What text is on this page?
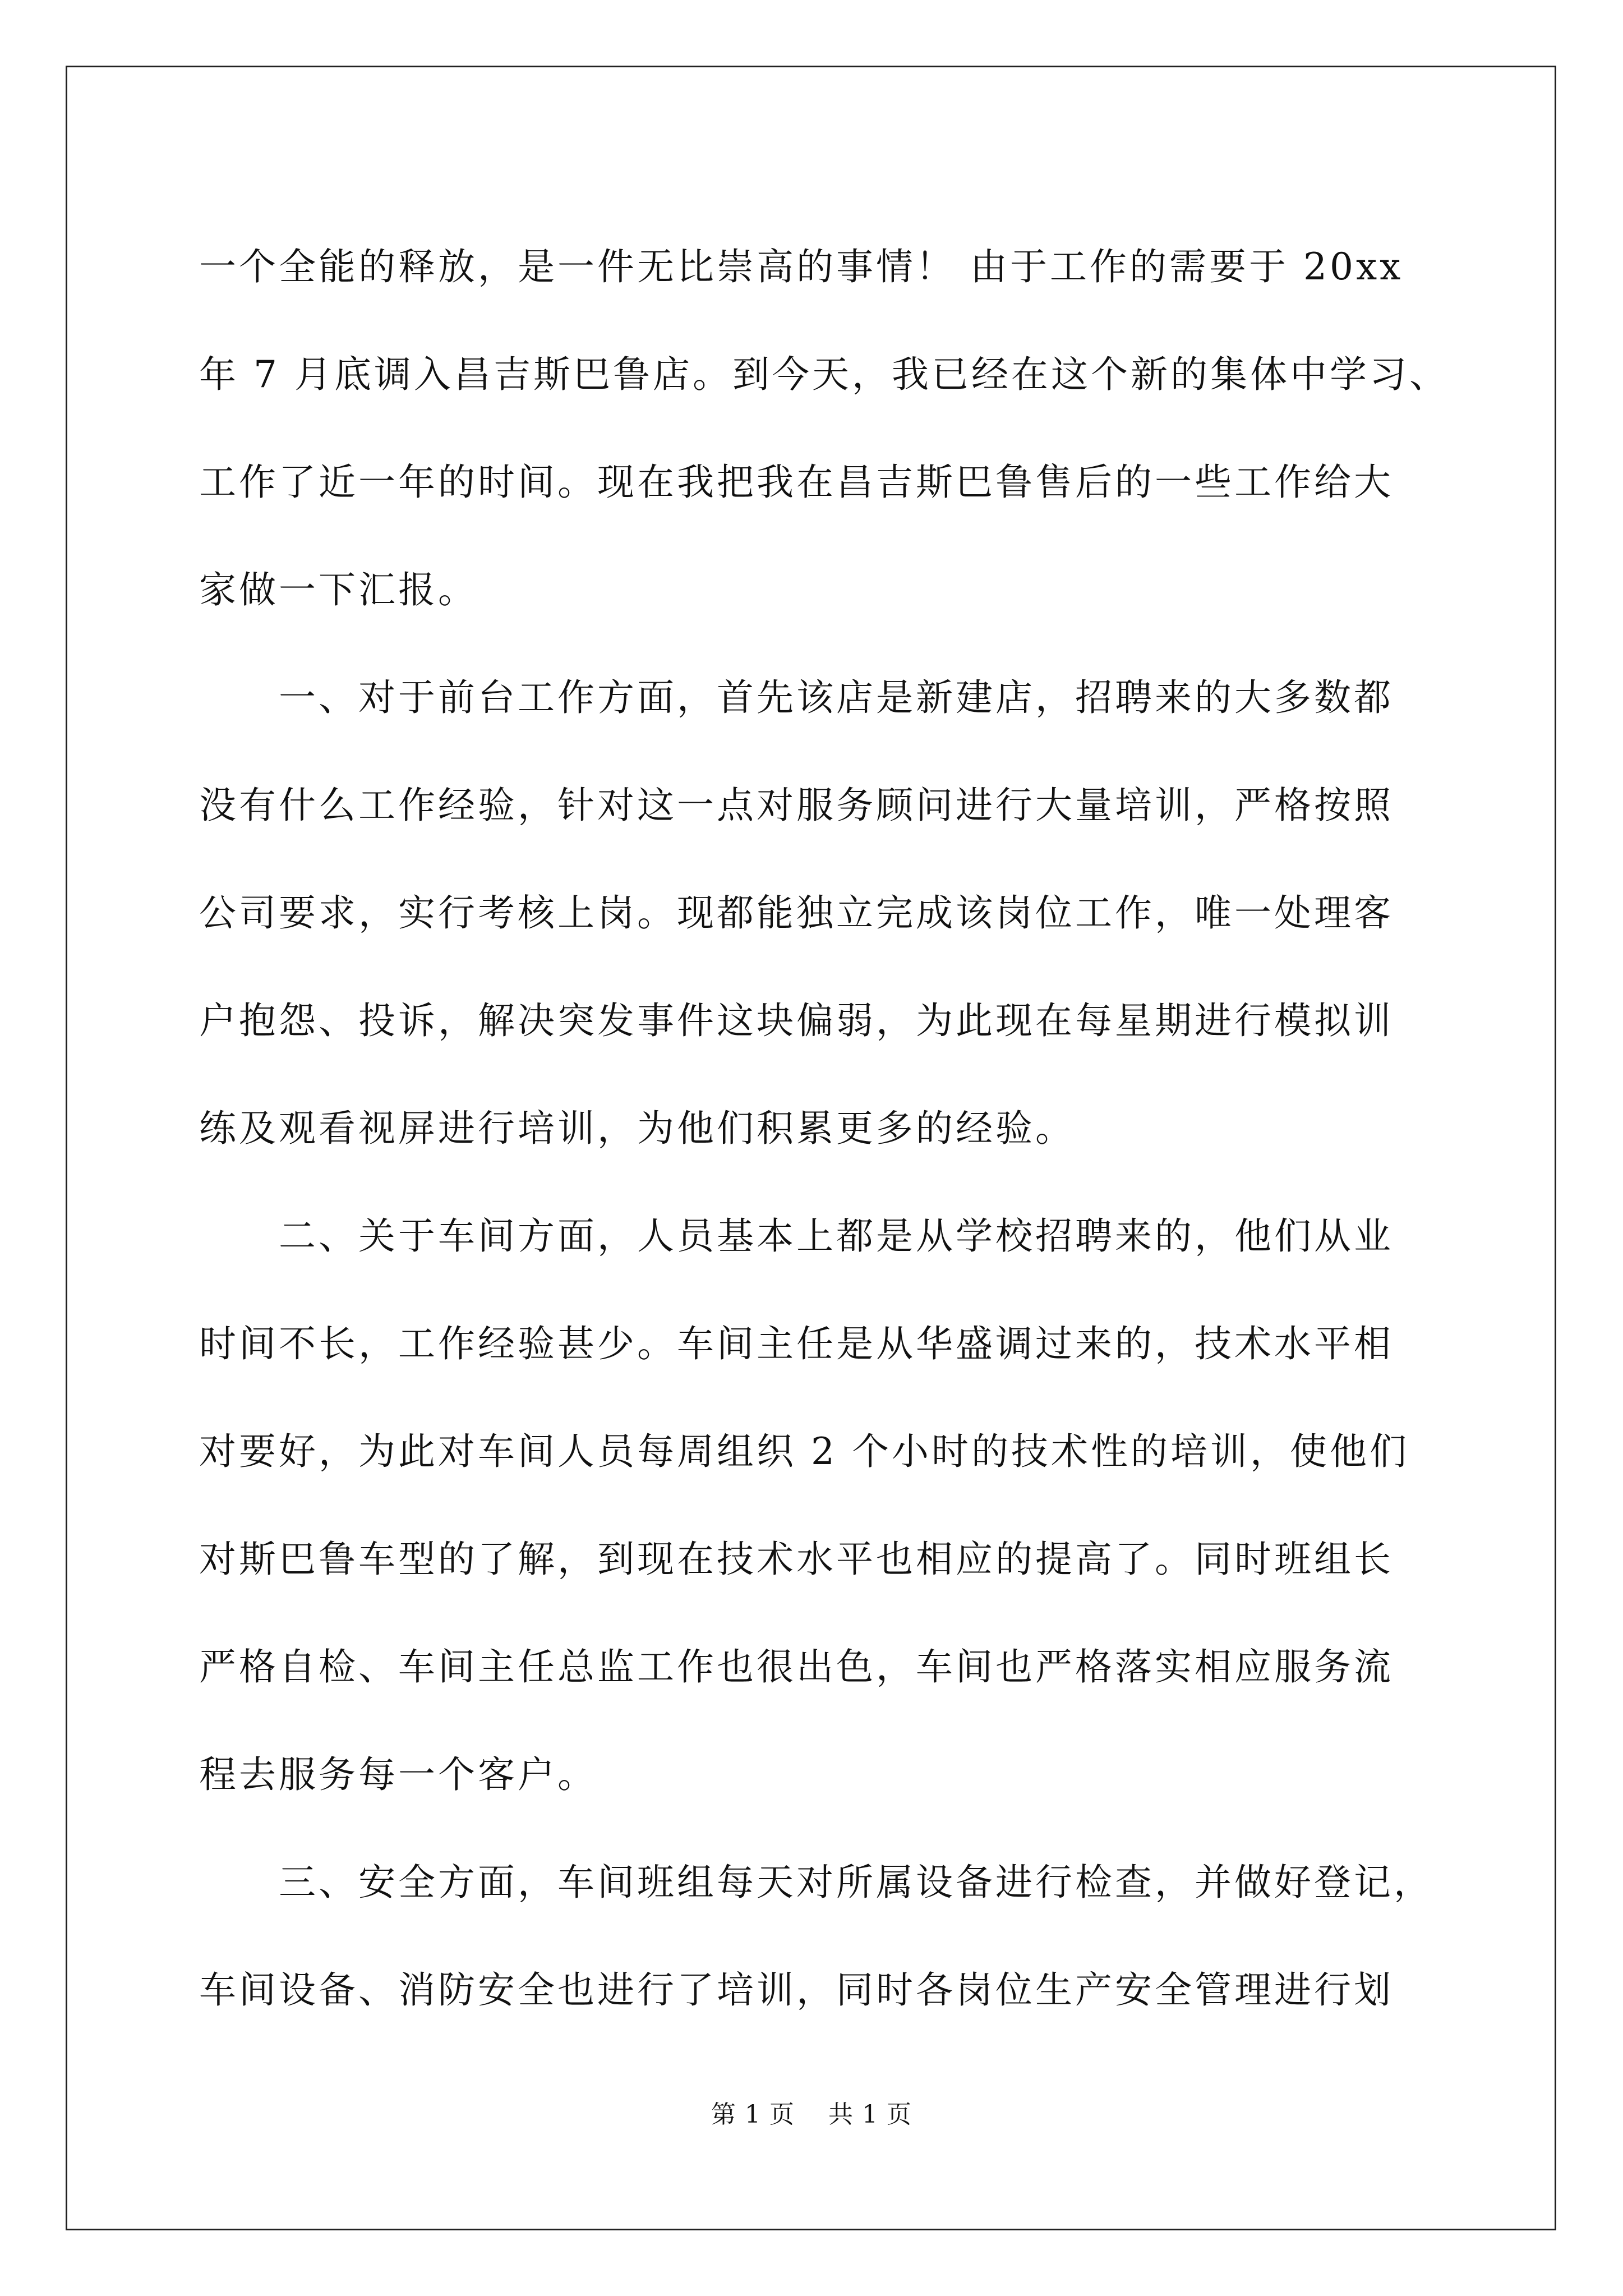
一个全能的释放，是一件无比崇高的事情！ 由于工作的需要于 20xx
年 7 月底调入昌吉斯巴鲁店。到今天，我已经在这个新的集体中学习、
工作了近一年的时间。现在我把我在昌吉斯巴鲁售后的一些工作给大
家做一下汇报。
　　一、对于前台工作方面，首先该店是新建店，招聘来的大多数都
没有什么工作经验，针对这一点对服务顾问进行大量培训，严格按照
公司要求，实行考核上岗。现都能独立完成该岗位工作，唯一处理客
户抱怨、投诉，解决突发事件这块偏弱，为此现在每星期进行模拟训
练及观看视屏进行培训，为他们积累更多的经验。
　　二、关于车间方面，人员基本上都是从学校招聘来的，他们从业
时间不长，工作经验甚少。车间主任是从华盛调过来的，技术水平相
对要好，为此对车间人员每周组织 2 个小时的技术性的培训，使他们
对斯巴鲁车型的了解，到现在技术水平也相应的提高了。同时班组长
严格自检、车间主任总监工作也很出色，车间也严格落实相应服务流
程去服务每一个客户。
　　三、安全方面，车间班组每天对所属设备进行检查，并做好登记，
车间设备、消防安全也进行了培训，同时各岗位生产安全管理进行划
第 1 页 共 1 页
